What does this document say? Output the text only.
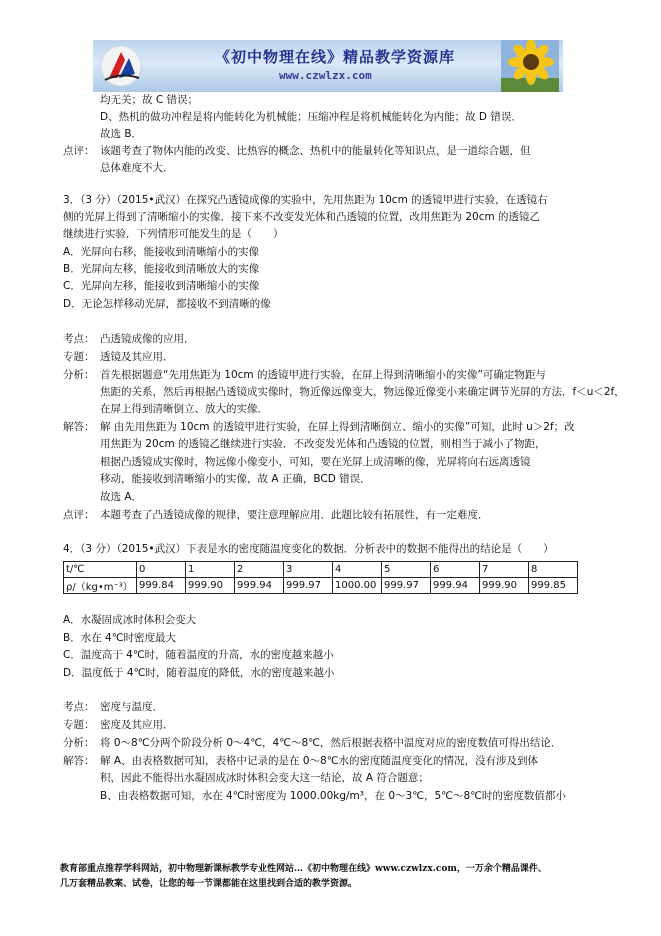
《初中物理在线》精品教学资源库
www.czwlzx.com
均无关；故 C 错误；
D、热机的做功冲程是将内能转化为机械能；压缩冲程是将机械能转化为内能；故 D 错误．
故选 B．
点评： 该题考查了物体内能的改变、比热容的概念、热机中的能量转化等知识点，是一道综合题，但
总体难度不大．
3．（3 分）（2015•武汉）在探究凸透镜成像的实验中，先用焦距为 10cm 的透镜甲进行实验，在透镜右
侧的光屏上得到了清晰缩小的实像．接下来不改变发光体和凸透镜的位置，改用焦距为 20cm 的透镜乙
继续进行实验．下列情形可能发生的是（　　）
A．光屏向右移，能接收到清晰缩小的实像
B．光屏向左移，能接收到清晰放大的实像
C．光屏向左移，能接收到清晰缩小的实像
D．无论怎样移动光屏，都接收不到清晰的像
考点： 凸透镜成像的应用．
专题： 透镜及其应用．
分析： 首先根据题意“先用焦距为 10cm 的透镜甲进行实验，在屏上得到清晰缩小的实像”可确定物距与
焦距的关系，然后再根据凸透镜成实像时，物近像远像变大，物远像近像变小来确定调节光屏的方法．f＜u＜2f，
在屏上得到清晰倒立、放大的实像．
解答： 解 由先用焦距为 10cm 的透镜甲进行实验，在屏上得到清晰倒立、缩小的实像”可知，此时 u＞2f；改
用焦距为 20cm 的透镜乙继续进行实验．不改变发光体和凸透镜的位置，则相当于减小了物距，
根据凸透镜成实像时，物远像小像变小，可知，要在光屏上成清晰的像，光屏将向右远离透镜
移动，能接收到清晰缩小的实像，故 A 正确，BCD 错误．
故选 A．
点评： 本题考查了凸透镜成像的规律，要注意理解应用．此题比较有拓展性，有一定难度．
4．（3 分）（2015•武汉）下表是水的密度随温度变化的数据．分析表中的数据不能得出的结论是（　　）
t/℃	0	1	2	3	4	5	6	7	8
ρ/（kg•m⁻³）	999.84	999.90	999.94	999.97	1000.00	999.97	999.94	999.90	999.85
A．水凝固成冰时体积会变大
B．水在 4℃时密度最大
C．温度高于 4℃时，随着温度的升高，水的密度越来越小
D．温度低于 4℃时，随着温度的降低，水的密度越来越小
考点： 密度与温度．
专题： 密度及其应用．
分析： 将 0～8℃分两个阶段分析 0～4℃，4℃～8℃，然后根据表格中温度对应的密度数值可得出结论．
解答： 解 A、由表格数据可知，表格中记录的是在 0～8℃水的密度随温度变化的情况，没有涉及到体
积，因此不能得出水凝固成冰时体积会变大这一结论，故 A 符合题意；
B、由表格数据可知，水在 4℃时密度为 1000.00kg/m³，在 0～3℃，5℃～8℃时的密度数值都小
教育部重点推荐学科网站，初中物理新课标教学专业性网站…《初中物理在线》www.czwlzx.com，一万余个精品课件、
几万套精品教案、试卷，让您的每一节课都能在这里找到合适的教学资源。
